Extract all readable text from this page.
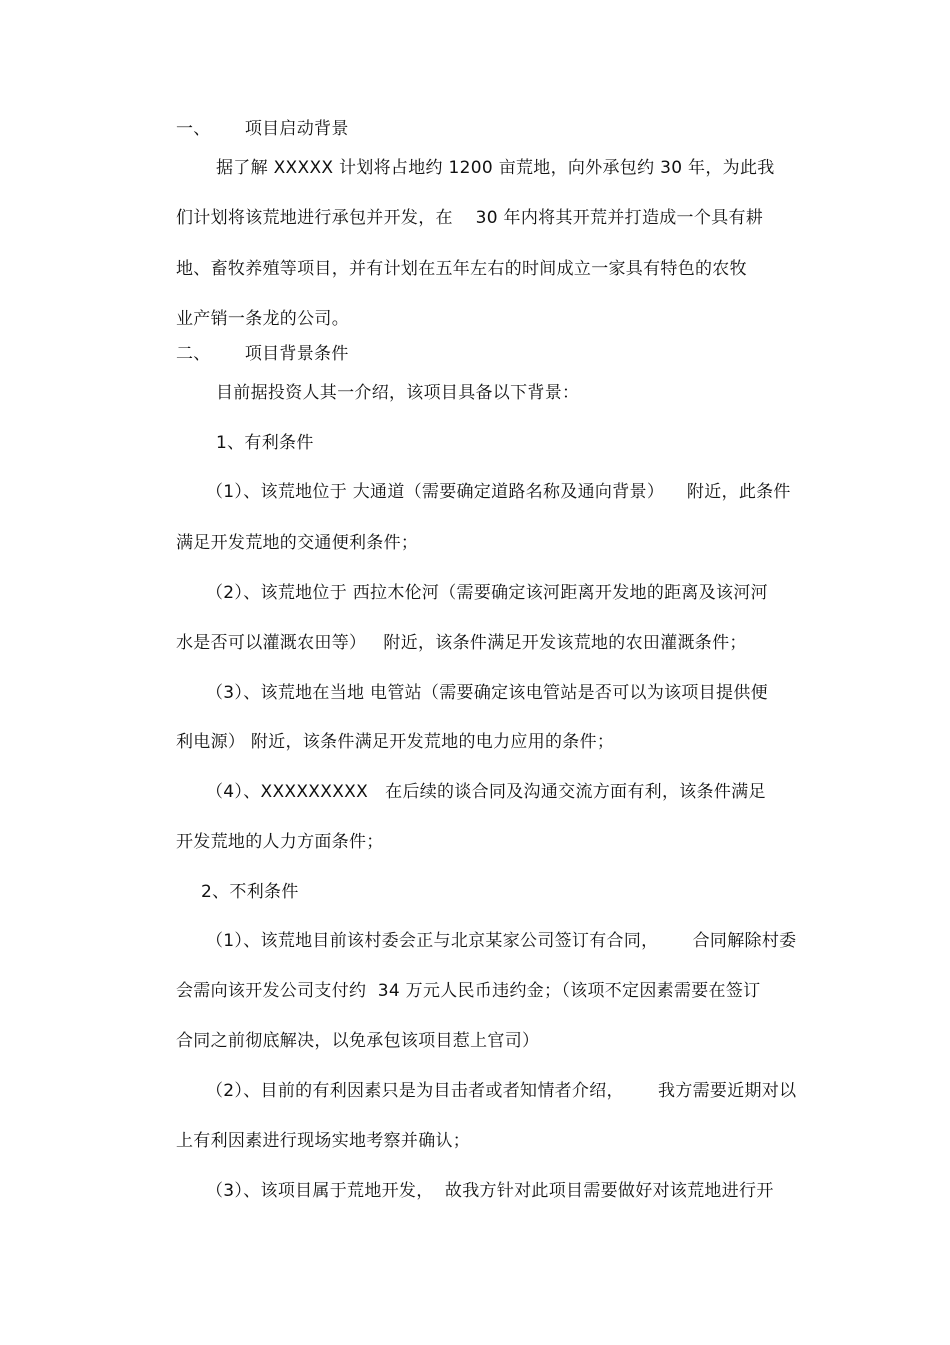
一、      项目启动背景
据了解 XXXXX 计划将占地约 1200 亩荒地，向外承包约 30 年，为此我
们计划将该荒地进行承包并开发，在    30 年内将其开荒并打造成一个具有耕
地、畜牧养殖等项目，并有计划在五年左右的时间成立一家具有特色的农牧
业产销一条龙的公司。
二、      项目背景条件
目前据投资人其一介绍，该项目具备以下背景：
1、有利条件
（1）、该荒地位于 大通道（需要确定道路名称及通向背景）    附近，此条件
满足开发荒地的交通便利条件；
（2）、该荒地位于 西拉木伦河（需要确定该河距离开发地的距离及该河河
水是否可以灌溉农田等）   附近，该条件满足开发该荒地的农田灌溉条件；
（3）、该荒地在当地 电管站（需要确定该电管站是否可以为该项目提供便
利电源） 附近，该条件满足开发荒地的电力应用的条件；
（4）、XXXXXXXXX   在后续的谈合同及沟通交流方面有利，该条件满足
开发荒地的人力方面条件；
2、不利条件
（1）、该荒地目前该村委会正与北京某家公司签订有合同，      合同解除村委
会需向该开发公司支付约  34 万元人民币违约金；（该项不定因素需要在签订
合同之前彻底解决，以免承包该项目惹上官司）
（2）、目前的有利因素只是为目击者或者知情者介绍，      我方需要近期对以
上有利因素进行现场实地考察并确认；
（3）、该项目属于荒地开发，  故我方针对此项目需要做好对该荒地进行开
